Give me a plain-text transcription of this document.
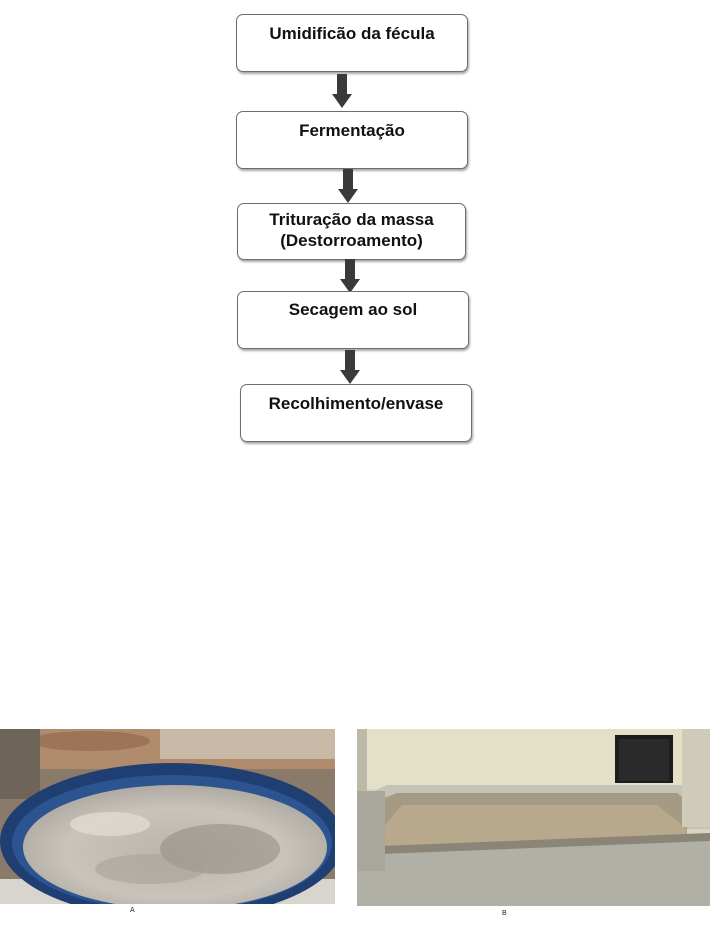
Umidificão da fécula
Fermentação
Trituração da massa
(Destorroamento)
Secagem ao sol
Recolhimento/envase
A	B
